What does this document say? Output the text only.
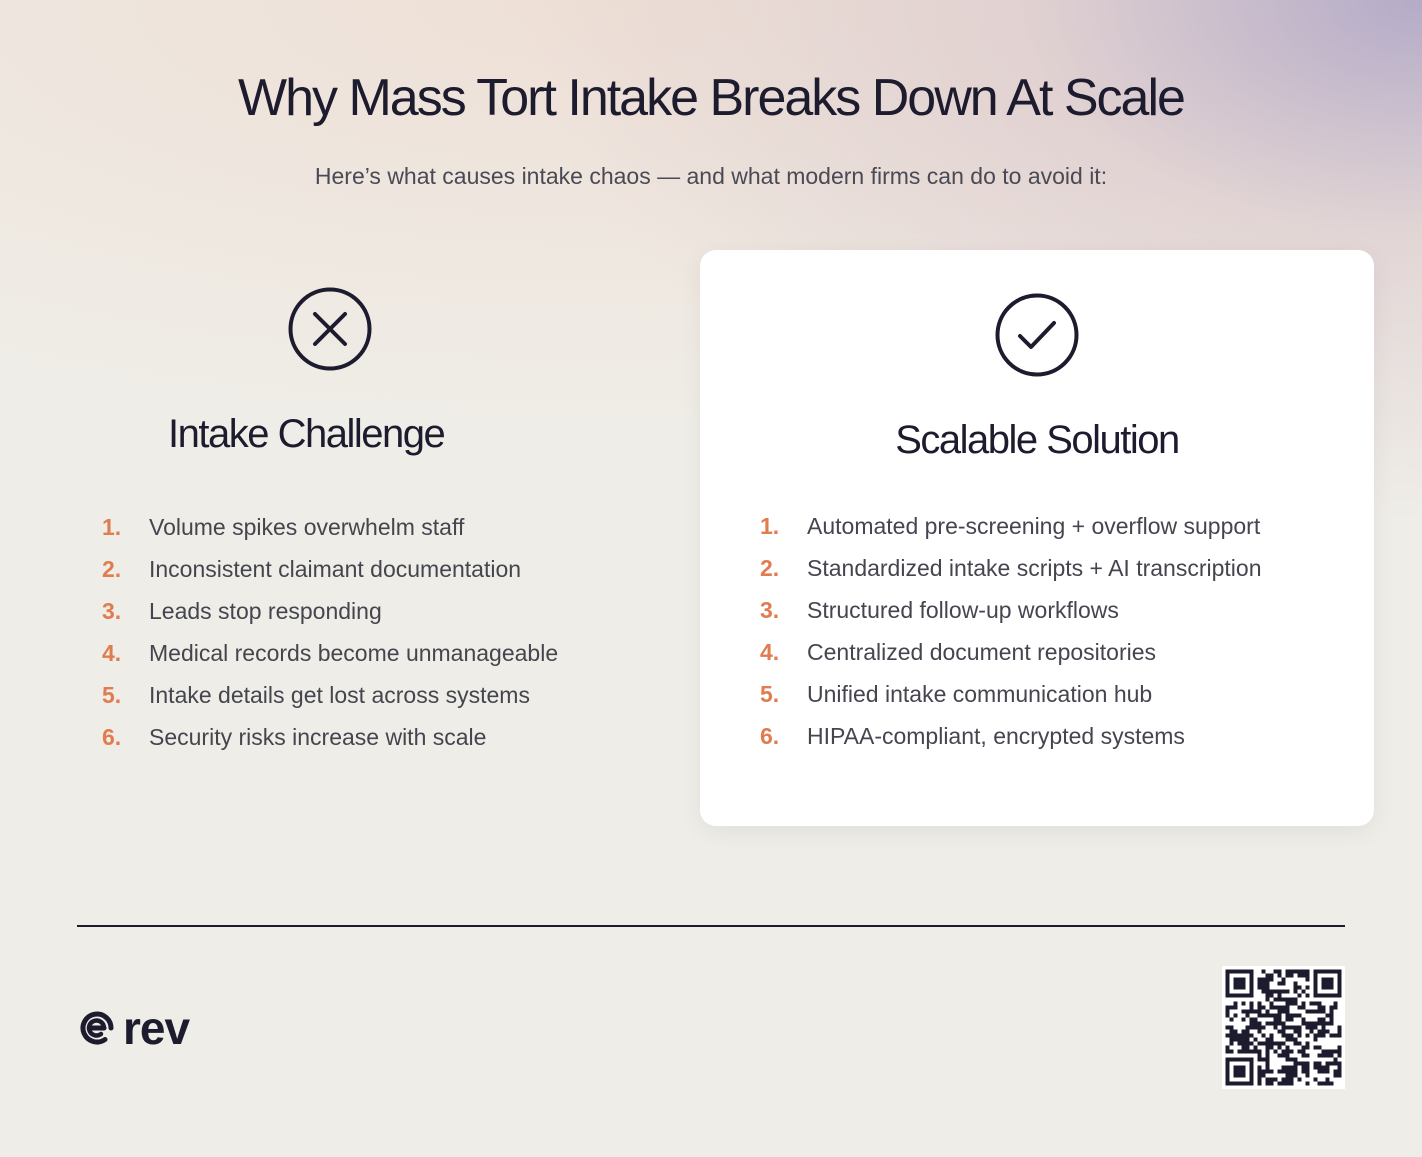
Why Mass Tort Intake Breaks Down At Scale
Here’s what causes intake chaos — and what modern firms can do to avoid it:
Intake Challenge
1.	Volume spikes overwhelm staff
2.	Inconsistent claimant documentation
3.	Leads stop responding
4.	Medical records become unmanageable
5.	Intake details get lost across systems
6.	Security risks increase with scale
Scalable Solution
1.	Automated pre-screening + overflow support
2.	Standardized intake scripts + AI transcription
3.	Structured follow-up workflows
4.	Centralized document repositories
5.	Unified intake communication hub
6.	HIPAA-compliant, encrypted systems
rev
